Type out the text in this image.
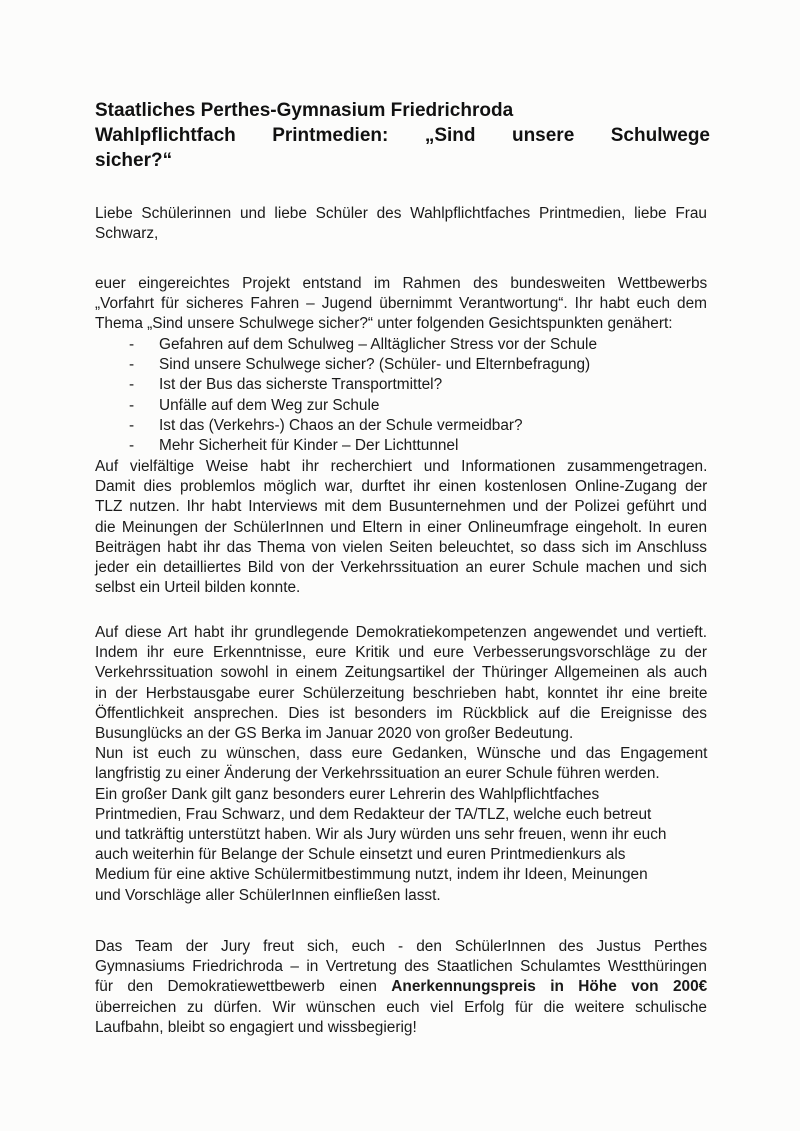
Staatliches Perthes-Gymnasium Friedrichroda
Wahlpflichtfach Printmedien: „Sind unsere Schulwege
sicher?“
Liebe Schülerinnen und liebe Schüler des Wahlpflichtfaches Printmedien, liebe Frau
Schwarz,
euer eingereichtes Projekt entstand im Rahmen des bundesweiten Wettbewerbs
„Vorfahrt für sicheres Fahren – Jugend übernimmt Verantwortung“. Ihr habt euch dem
Thema „Sind unsere Schulwege sicher?“ unter folgenden Gesichtspunkten genähert:
-	Gefahren auf dem Schulweg – Alltäglicher Stress vor der Schule
-	Sind unsere Schulwege sicher? (Schüler- und Elternbefragung)
-	Ist der Bus das sicherste Transportmittel?
-	Unfälle auf dem Weg zur Schule
-	Ist das (Verkehrs-) Chaos an der Schule vermeidbar?
-	Mehr Sicherheit für Kinder – Der Lichttunnel
Auf vielfältige Weise habt ihr recherchiert und Informationen zusammengetragen.
Damit dies problemlos möglich war, durftet ihr einen kostenlosen Online-Zugang der
TLZ nutzen. Ihr habt Interviews mit dem Busunternehmen und der Polizei geführt und
die Meinungen der SchülerInnen und Eltern in einer Onlineumfrage eingeholt. In euren
Beiträgen habt ihr das Thema von vielen Seiten beleuchtet, so dass sich im Anschluss
jeder ein detailliertes Bild von der Verkehrssituation an eurer Schule machen und sich
selbst ein Urteil bilden konnte.
Auf diese Art habt ihr grundlegende Demokratiekompetenzen angewendet und vertieft.
Indem ihr eure Erkenntnisse, eure Kritik und eure Verbesserungsvorschläge zu der
Verkehrssituation sowohl in einem Zeitungsartikel der Thüringer Allgemeinen als auch
in der Herbstausgabe eurer Schülerzeitung beschrieben habt, konntet ihr eine breite
Öffentlichkeit ansprechen. Dies ist besonders im Rückblick auf die Ereignisse des
Busunglücks an der GS Berka im Januar 2020 von großer Bedeutung.
Nun ist euch zu wünschen, dass eure Gedanken, Wünsche und das Engagement
langfristig zu einer Änderung der Verkehrssituation an eurer Schule führen werden.
Ein großer Dank gilt ganz besonders eurer Lehrerin des Wahlpflichtfaches
Printmedien, Frau Schwarz, und dem Redakteur der TA/TLZ, welche euch betreut
und tatkräftig unterstützt haben. Wir als Jury würden uns sehr freuen, wenn ihr euch
auch weiterhin für Belange der Schule einsetzt und euren Printmedienkurs als
Medium für eine aktive Schülermitbestimmung nutzt, indem ihr Ideen, Meinungen
und Vorschläge aller SchülerInnen einfließen lasst.
Das Team der Jury freut sich, euch - den SchülerInnen des Justus Perthes
Gymnasiums Friedrichroda – in Vertretung des Staatlichen Schulamtes Westthüringen
für den Demokratiewettbewerb einen Anerkennungspreis in Höhe von 200€
überreichen zu dürfen. Wir wünschen euch viel Erfolg für die weitere schulische
Laufbahn, bleibt so engagiert und wissbegierig!
